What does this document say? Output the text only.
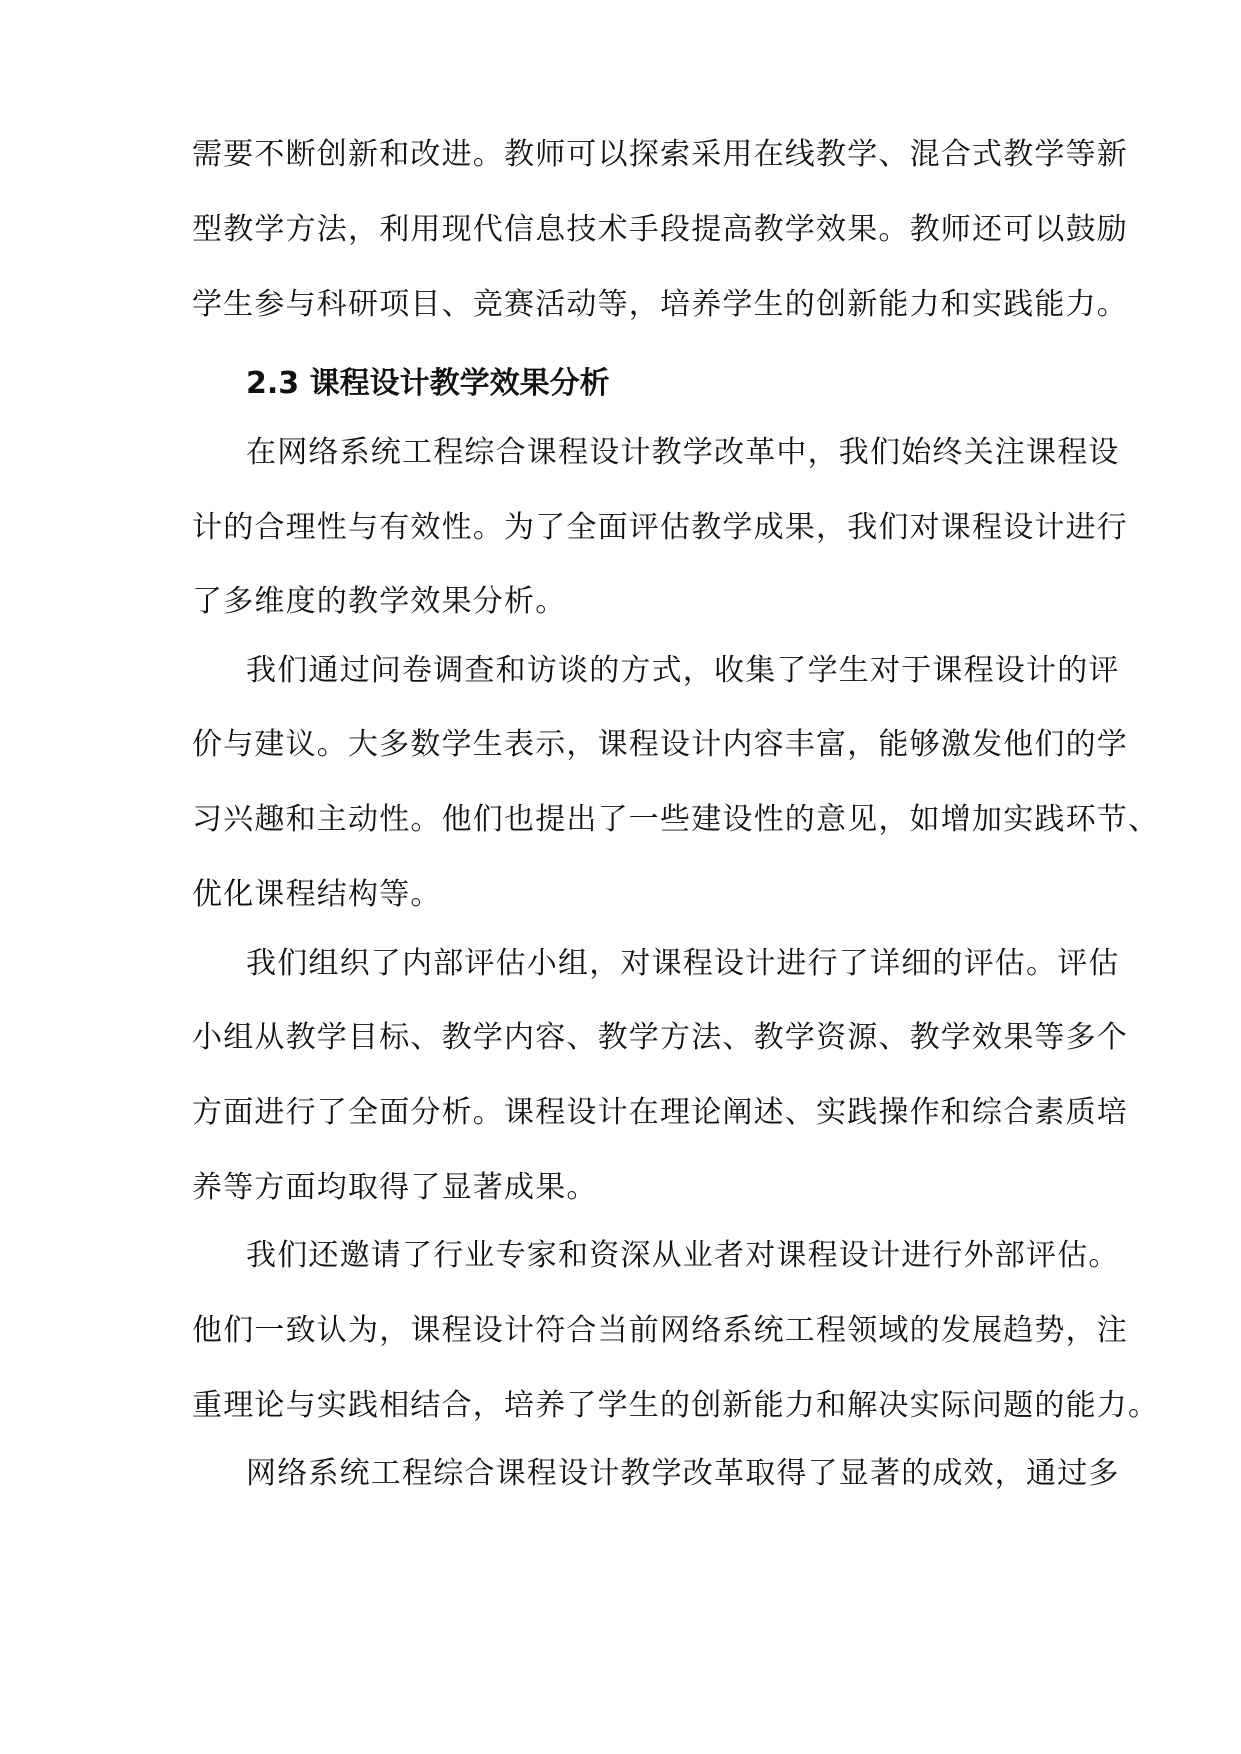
需要不断创新和改进。教师可以探索采用在线教学、混合式教学等新
型教学方法，利用现代信息技术手段提高教学效果。教师还可以鼓励
学生参与科研项目、竞赛活动等，培养学生的创新能力和实践能力。
2.3 课程设计教学效果分析
在网络系统工程综合课程设计教学改革中，我们始终关注课程设
计的合理性与有效性。为了全面评估教学成果，我们对课程设计进行
了多维度的教学效果分析。
我们通过问卷调查和访谈的方式，收集了学生对于课程设计的评
价与建议。大多数学生表示，课程设计内容丰富，能够激发他们的学
习兴趣和主动性。他们也提出了一些建设性的意见，如增加实践环节、
优化课程结构等。
我们组织了内部评估小组，对课程设计进行了详细的评估。评估
小组从教学目标、教学内容、教学方法、教学资源、教学效果等多个
方面进行了全面分析。课程设计在理论阐述、实践操作和综合素质培
养等方面均取得了显著成果。
我们还邀请了行业专家和资深从业者对课程设计进行外部评估。
他们一致认为，课程设计符合当前网络系统工程领域的发展趋势，注
重理论与实践相结合，培养了学生的创新能力和解决实际问题的能力。
网络系统工程综合课程设计教学改革取得了显著的成效，通过多
